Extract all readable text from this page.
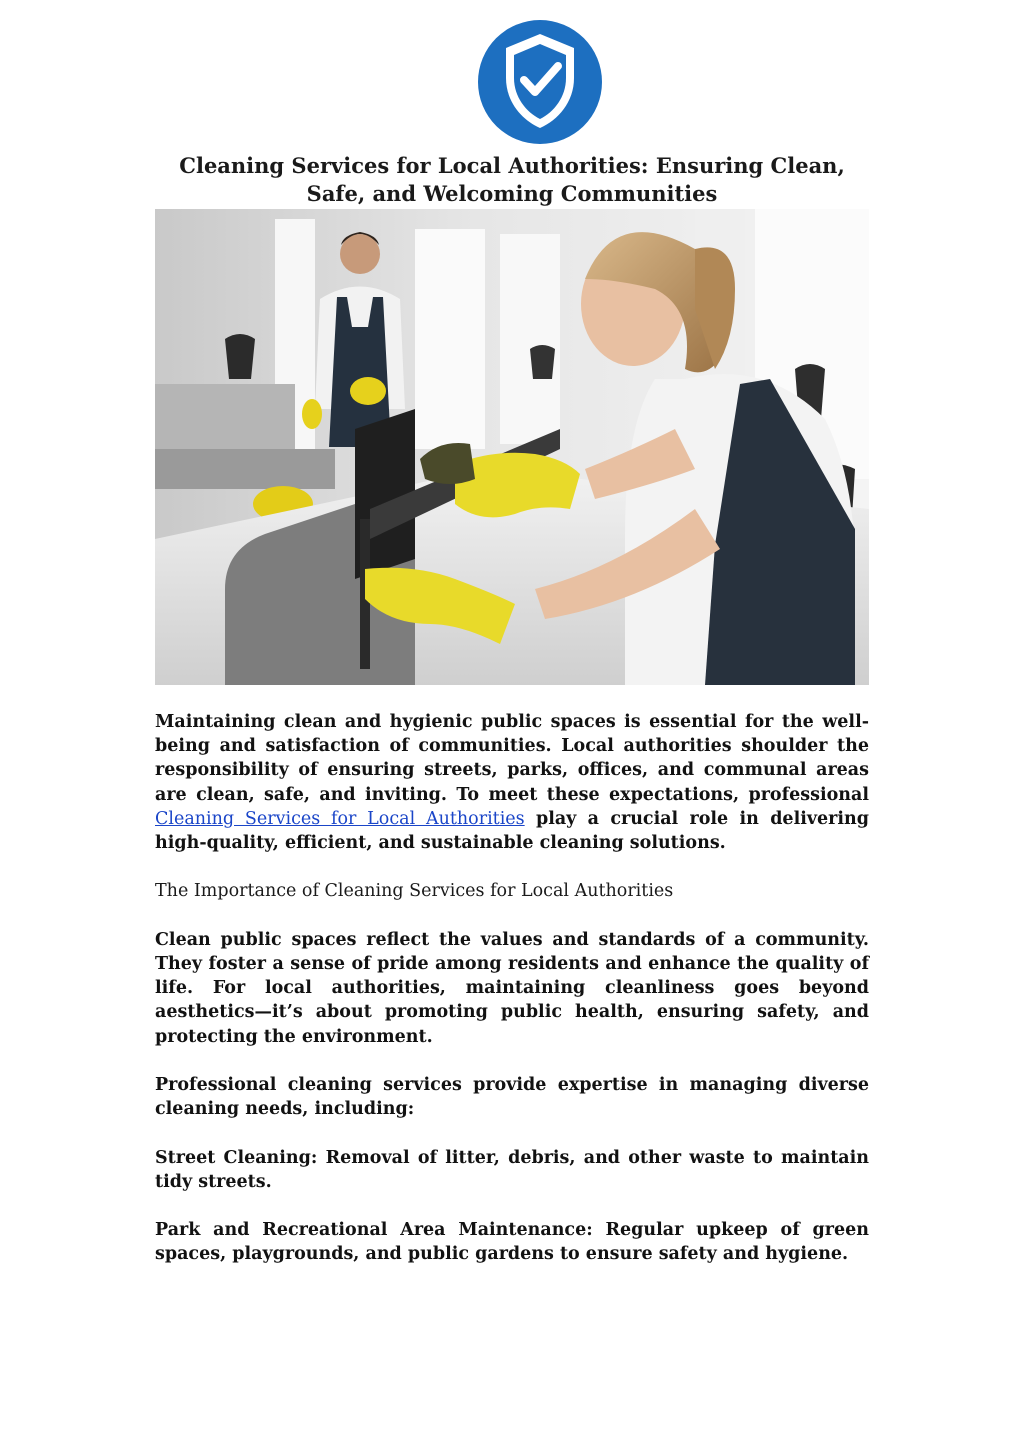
Cleaning Services for Local Authorities: Ensuring Clean, Safe, and Welcoming Communities

Maintaining clean and hygienic public spaces is essential for the well-being and satisfaction of communities. Local authorities shoulder the responsibility of ensuring streets, parks, offices, and communal areas are clean, safe, and inviting. To meet these expectations, professional Cleaning Services for Local Authorities play a crucial role in delivering high-quality, efficient, and sustainable cleaning solutions.

The Importance of Cleaning Services for Local Authorities

Clean public spaces reflect the values and standards of a community. They foster a sense of pride among residents and enhance the quality of life. For local authorities, maintaining cleanliness goes beyond aesthetics—it’s about promoting public health, ensuring safety, and protecting the environment.

Professional cleaning services provide expertise in managing diverse cleaning needs, including:

Street Cleaning: Removal of litter, debris, and other waste to maintain tidy streets.

Park and Recreational Area Maintenance: Regular upkeep of green spaces, playgrounds, and public gardens to ensure safety and hygiene.
